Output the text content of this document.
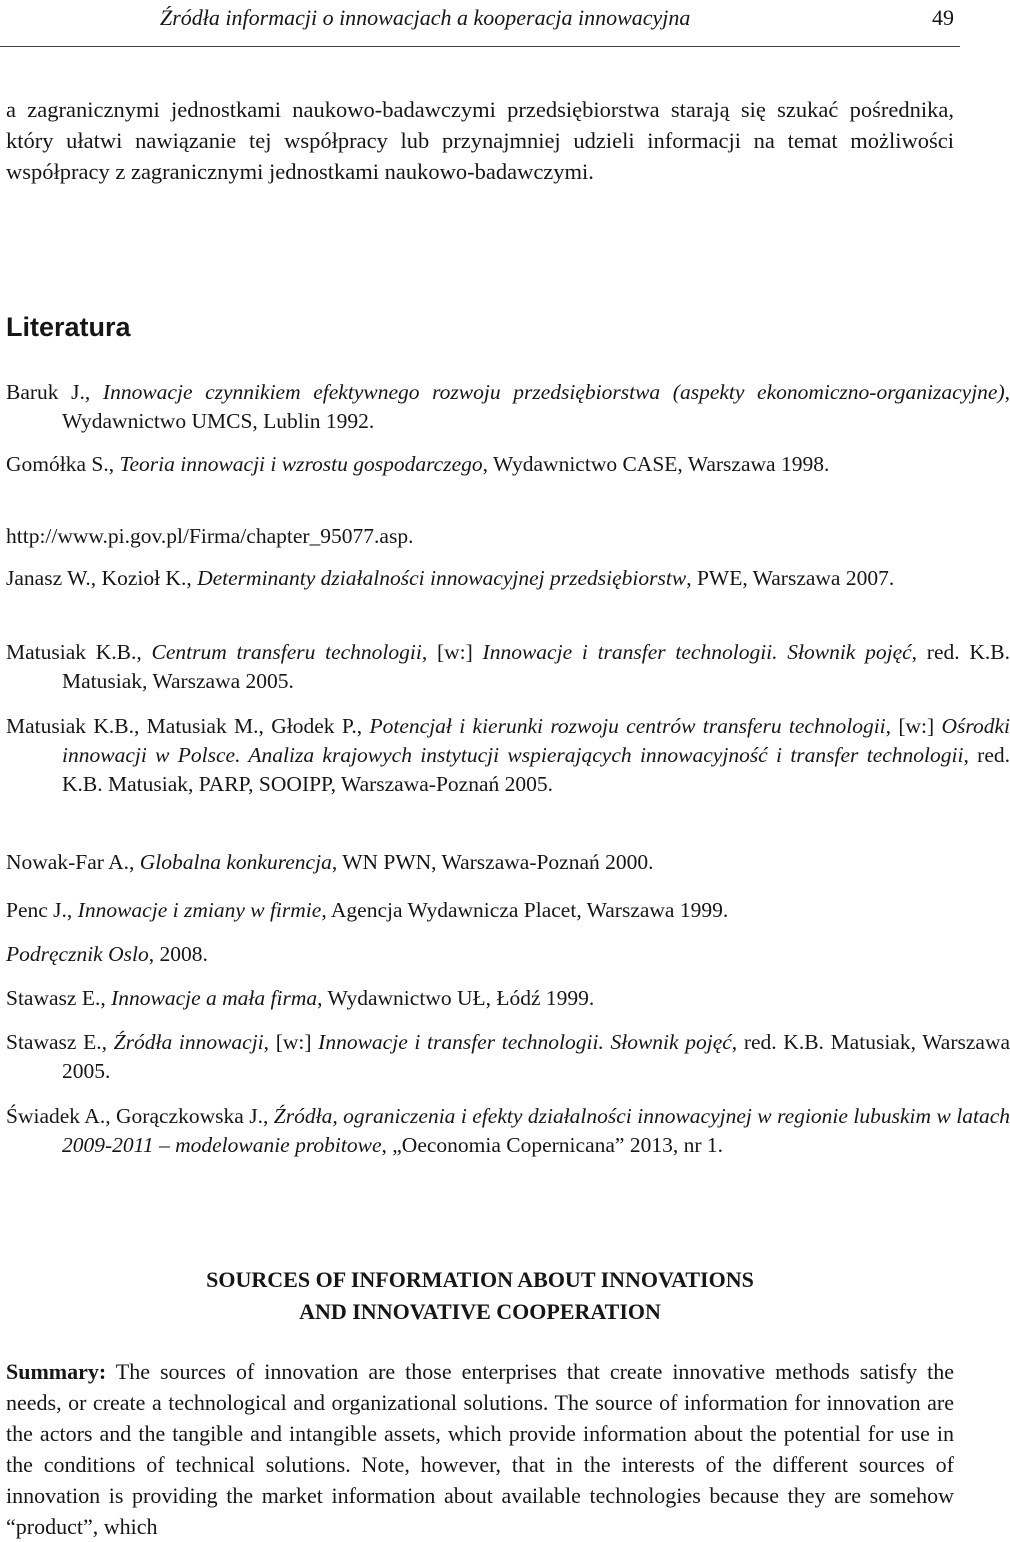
Źródła informacji o innowacjach a kooperacja innowacyjna	49

a zagranicznymi jednostkami naukowo-badawczymi przedsiębiorstwa starają się szukać pośrednika, który ułatwi nawiązanie tej współpracy lub przynajmniej udzieli informacji na temat możliwości współpracy z zagranicznymi jednostkami naukowo-badawczymi.

Literatura

Baruk J., Innowacje czynnikiem efektywnego rozwoju przedsiębiorstwa (aspekty ekonomiczno-organizacyjne), Wydawnictwo UMCS, Lublin 1992.

Gomółka S., Teoria innowacji i wzrostu gospodarczego, Wydawnictwo CASE, Warszawa 1998.

http://www.pi.gov.pl/Firma/chapter_95077.asp.

Janasz W., Kozioł K., Determinanty działalności innowacyjnej przedsiębiorstw, PWE, Warszawa 2007.

Matusiak K.B., Centrum transferu technologii, [w:] Innowacje i transfer technologii. Słownik pojęć, red. K.B. Matusiak, Warszawa 2005.

Matusiak K.B., Matusiak M., Głodek P., Potencjał i kierunki rozwoju centrów transferu technologii, [w:] Ośrodki innowacji w Polsce. Analiza krajowych instytucji wspierających innowacyjność i transfer technologii, red. K.B. Matusiak, PARP, SOOIPP, Warszawa-Poznań 2005.

Nowak-Far A., Globalna konkurencja, WN PWN, Warszawa-Poznań 2000.

Penc J., Innowacje i zmiany w firmie, Agencja Wydawnicza Placet, Warszawa 1999.

Podręcznik Oslo, 2008.

Stawasz E., Innowacje a mała firma, Wydawnictwo UŁ, Łódź 1999.

Stawasz E., Źródła innowacji, [w:] Innowacje i transfer technologii. Słownik pojęć, red. K.B. Matusiak, Warszawa 2005.

Świadek A., Gorączkowska J., Źródła, ograniczenia i efekty działalności innowacyjnej w regionie lubuskim w latach 2009-2011 – modelowanie probitowe, „Oeconomia Copernicana” 2013, nr 1.

SOURCES OF INFORMATION ABOUT INNOVATIONS
AND INNOVATIVE COOPERATION

Summary: The sources of innovation are those enterprises that create innovative methods satisfy the needs, or create a technological and organizational solutions. The source of information for innovation are the actors and the tangible and intangible assets, which provide information about the potential for use in the conditions of technical solutions. Note, however, that in the interests of the different sources of innovation is providing the market information about available technologies because they are somehow “product”, which
